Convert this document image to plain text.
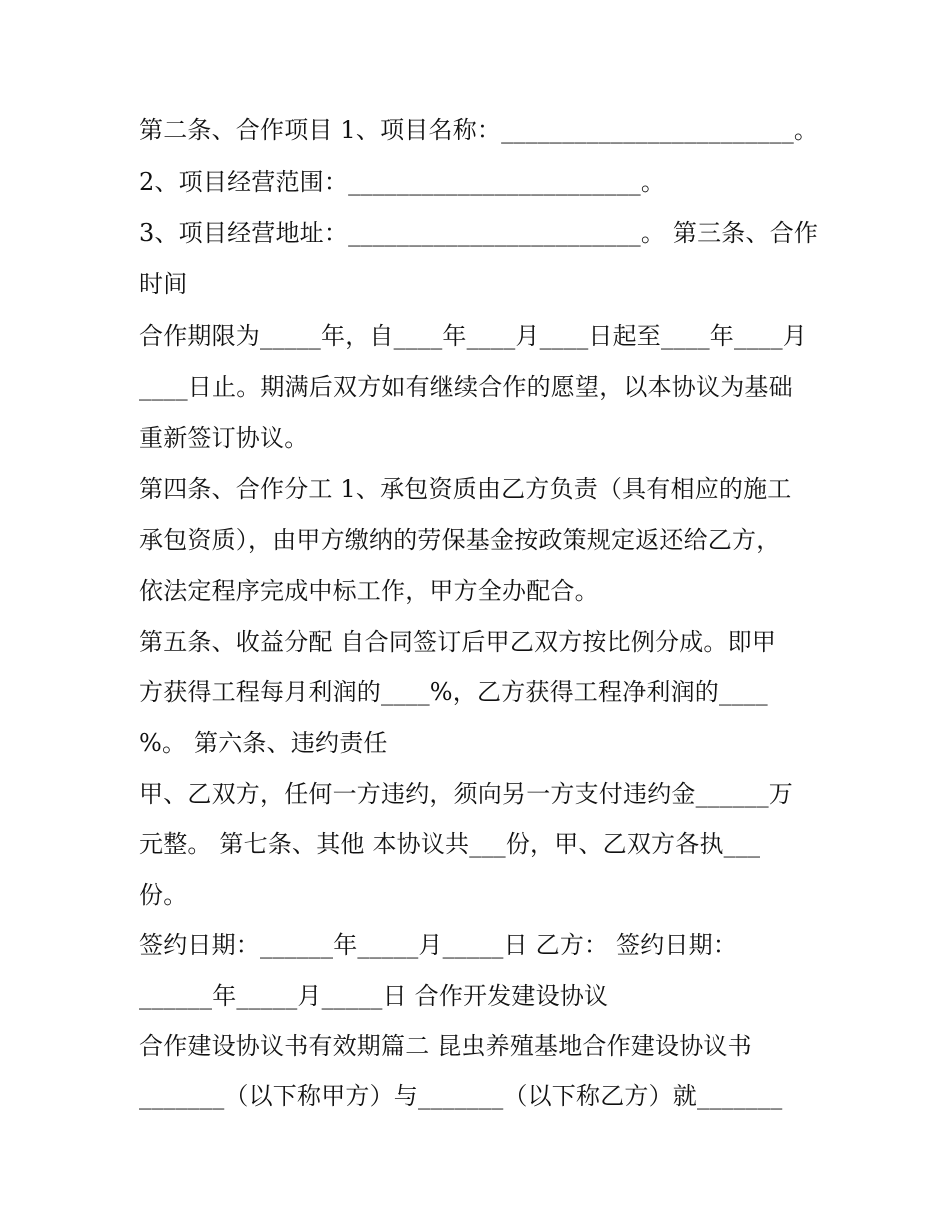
第二条、合作项目 1、项目名称：________________________。
2、项目经营范围：________________________。
3、项目经营地址：________________________。 第三条、合作
时间
合作期限为_____年，自____年____月____日起至____年____月
____日止。期满后双方如有继续合作的愿望，以本协议为基础
重新签订协议。
第四条、合作分工 1、承包资质由乙方负责（具有相应的施工
承包资质），由甲方缴纳的劳保基金按政策规定返还给乙方，
依法定程序完成中标工作，甲方全办配合。
第五条、收益分配 自合同签订后甲乙双方按比例分成。即甲
方获得工程每月利润的____%，乙方获得工程净利润的____
%。 第六条、违约责任
甲、乙双方，任何一方违约，须向另一方支付违约金______万
元整。 第七条、其他 本协议共___份，甲、乙双方各执___
份。
签约日期：______年_____月_____日 乙方： 签约日期：
______年_____月_____日 合作开发建设协议
合作建设协议书有效期篇二 昆虫养殖基地合作建设协议书
_______（以下称甲方）与_______（以下称乙方）就_______
